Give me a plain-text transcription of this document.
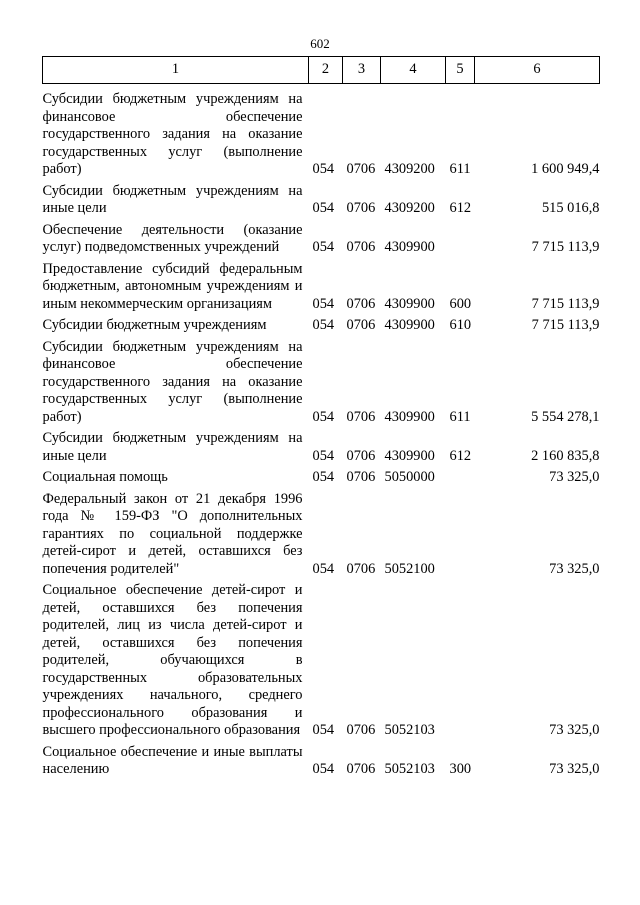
602
1	2	3	4	5	6
Субсидии бюджетным учреждениям на финансовое обеспечение государственного задания на оказание государственных услуг (выполнение работ)	054	0706	4309200	611	1 600 949,4
Субсидии бюджетным учреждениям на иные цели	054	0706	4309200	612	515 016,8
Обеспечение деятельности (оказание услуг) подведомственных учреждений	054	0706	4309900		7 715 113,9
Предоставление субсидий федеральным бюджетным, автономным учреждениям и иным некоммерческим организациям	054	0706	4309900	600	7 715 113,9
Субсидии бюджетным учреждениям	054	0706	4309900	610	7 715 113,9
Субсидии бюджетным учреждениям на финансовое обеспечение государственного задания на оказание государственных услуг (выполнение работ)	054	0706	4309900	611	5 554 278,1
Субсидии бюджетным учреждениям на иные цели	054	0706	4309900	612	2 160 835,8
Социальная помощь	054	0706	5050000		73 325,0
Федеральный закон от 21 декабря 1996 года № 159-ФЗ "О дополнительных гарантиях по социальной поддержке детей-сирот и детей, оставшихся без попечения родителей"	054	0706	5052100		73 325,0
Социальное обеспечение детей-сирот и детей, оставшихся без попечения родителей, лиц из числа детей-сирот и детей, оставшихся без попечения родителей, обучающихся в государственных образовательных учреждениях начального, среднего профессионального образования и высшего профессионального образования	054	0706	5052103		73 325,0
Социальное обеспечение и иные выплаты населению	054	0706	5052103	300	73 325,0
